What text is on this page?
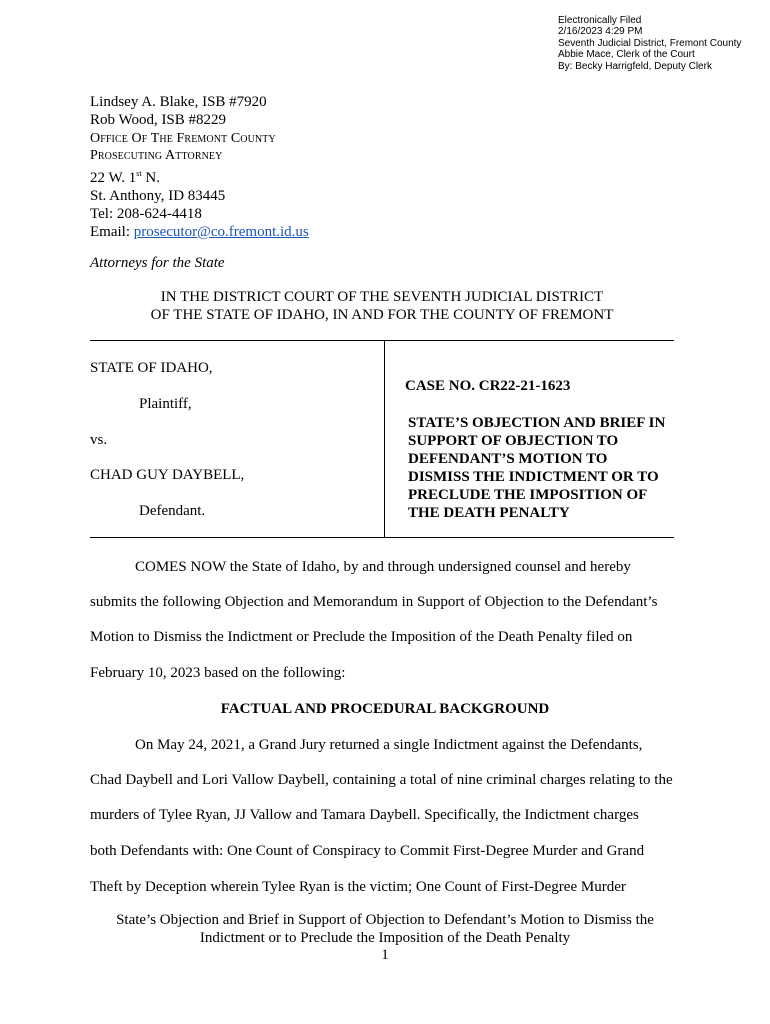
Electronically Filed
2/16/2023 4:29 PM
Seventh Judicial District, Fremont County
Abbie Mace, Clerk of the Court
By: Becky Harrigfeld, Deputy Clerk
Lindsey A. Blake, ISB #7920
Rob Wood, ISB #8229
Office Of The Fremont County
Prosecuting Attorney
22 W. 1st N.
St. Anthony, ID 83445
Tel: 208-624-4418
Email: prosecutor@co.fremont.id.us
Attorneys for the State
IN THE DISTRICT COURT OF THE SEVENTH JUDICIAL DISTRICT
OF THE STATE OF IDAHO, IN AND FOR THE COUNTY OF FREMONT
STATE OF IDAHO,
Plaintiff,
vs.
CHAD GUY DAYBELL,
Defendant.
CASE NO. CR22-21-1623
STATE’S OBJECTION AND BRIEF IN
SUPPORT OF OBJECTION TO
DEFENDANT’S MOTION TO
DISMISS THE INDICTMENT OR TO
PRECLUDE THE IMPOSITION OF
THE DEATH PENALTY
COMES NOW the State of Idaho, by and through undersigned counsel and hereby
submits the following Objection and Memorandum in Support of Objection to the Defendant’s
Motion to Dismiss the Indictment or Preclude the Imposition of the Death Penalty filed on
February 10, 2023 based on the following:
FACTUAL AND PROCEDURAL BACKGROUND
On May 24, 2021, a Grand Jury returned a single Indictment against the Defendants,
Chad Daybell and Lori Vallow Daybell, containing a total of nine criminal charges relating to the
murders of Tylee Ryan, JJ Vallow and Tamara Daybell. Specifically, the Indictment charges
both Defendants with: One Count of Conspiracy to Commit First-Degree Murder and Grand
Theft by Deception wherein Tylee Ryan is the victim; One Count of First-Degree Murder
State’s Objection and Brief in Support of Objection to Defendant’s Motion to Dismiss the
Indictment or to Preclude the Imposition of the Death Penalty
1
